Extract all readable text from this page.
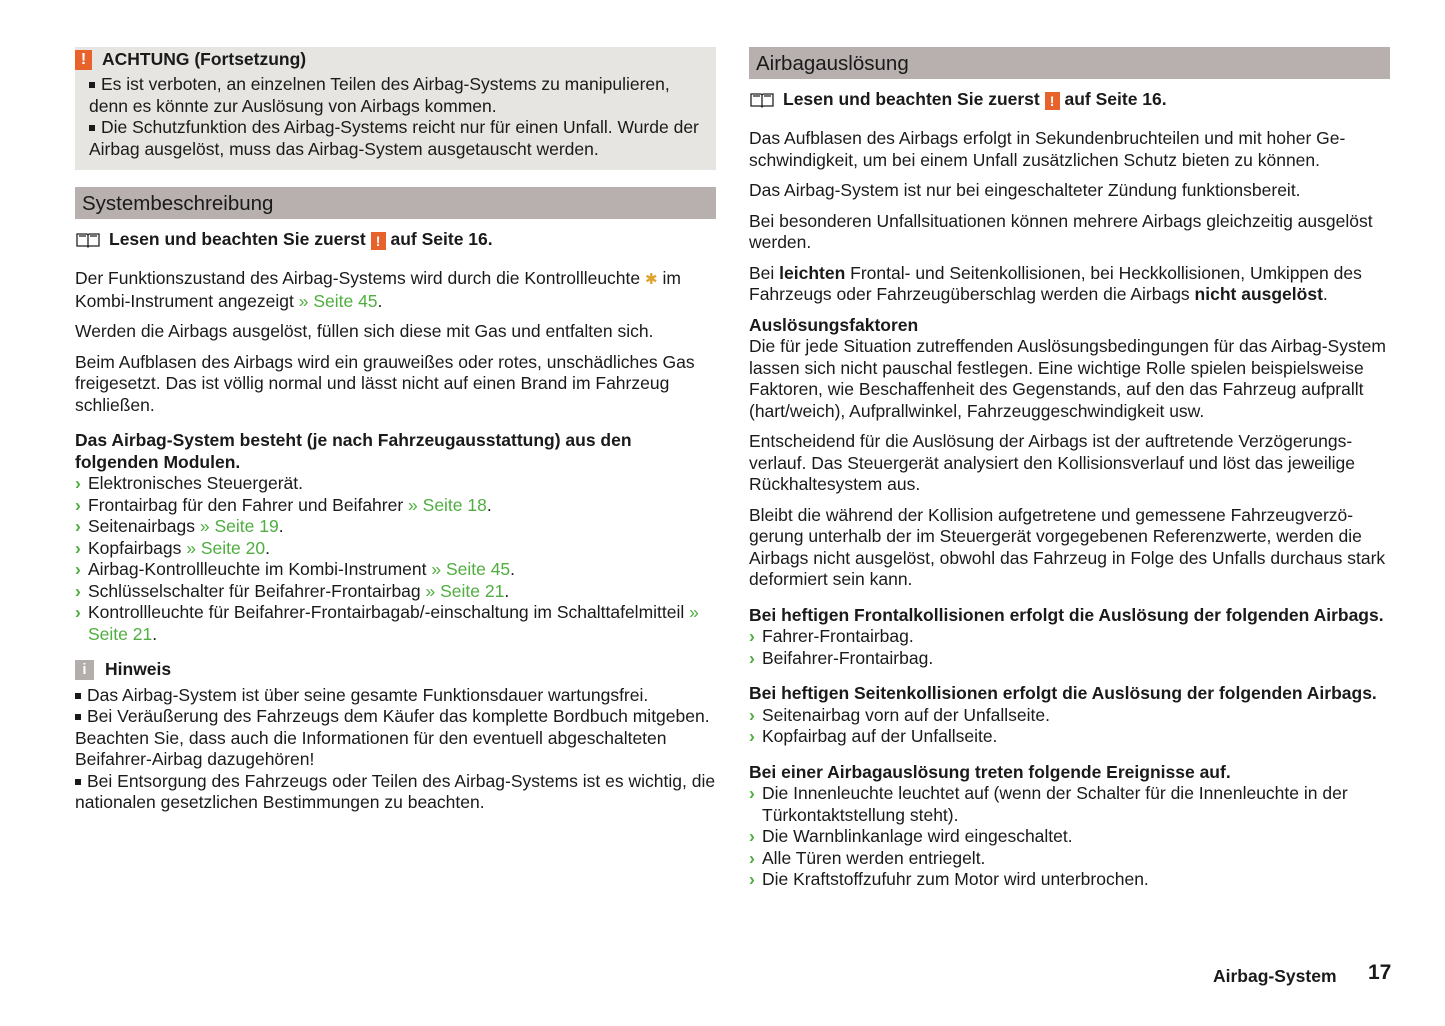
! ACHTUNG (Fortsetzung)
Es ist verboten, an einzelnen Teilen des Airbag-Systems zu manipulieren, denn es könnte zur Auslösung von Airbags kommen.
Die Schutzfunktion des Airbag-Systems reicht nur für einen Unfall. Wurde der Airbag ausgelöst, muss das Airbag-System ausgetauscht werden.
Systembeschreibung
Lesen und beachten Sie zuerst ! auf Seite 16.
Der Funktionszustand des Airbag-Systems wird durch die Kontrollleuchte ✱ im Kombi-Instrument angezeigt » Seite 45.
Werden die Airbags ausgelöst, füllen sich diese mit Gas und entfalten sich.
Beim Aufblasen des Airbags wird ein grauweißes oder rotes, unschädliches Gas freigesetzt. Das ist völlig normal und lässt nicht auf einen Brand im Fahrzeug schließen.
Das Airbag-System besteht (je nach Fahrzeugausstattung) aus den folgenden Modulen.
› Elektronisches Steuergerät.
› Frontairbag für den Fahrer und Beifahrer » Seite 18.
› Seitenairbags » Seite 19.
› Kopfairbags » Seite 20.
› Airbag-Kontrollleuchte im Kombi-Instrument » Seite 45.
› Schlüsselschalter für Beifahrer-Frontairbag » Seite 21.
› Kontrollleuchte für Beifahrer-Frontairbagab/-einschaltung im Schalttafelmitteil » Seite 21.
i	Hinweis
Das Airbag-System ist über seine gesamte Funktionsdauer wartungsfrei.
Bei Veräußerung des Fahrzeugs dem Käufer das komplette Bordbuch mitgeben. Beachten Sie, dass auch die Informationen für den eventuell abgeschalteten Beifahrer-Airbag dazugehören!
Bei Entsorgung des Fahrzeugs oder Teilen des Airbag-Systems ist es wichtig, die nationalen gesetzlichen Bestimmungen zu beachten.
Airbagauslösung
Lesen und beachten Sie zuerst ! auf Seite 16.
Das Aufblasen des Airbags erfolgt in Sekundenbruchteilen und mit hoher Geschwindigkeit, um bei einem Unfall zusätzlichen Schutz bieten zu können.
Das Airbag-System ist nur bei eingeschalteter Zündung funktionsbereit.
Bei besonderen Unfallsituationen können mehrere Airbags gleichzeitig ausgelöst werden.
Bei leichten Frontal- und Seitenkollisionen, bei Heckkollisionen, Umkippen des Fahrzeugs oder Fahrzeugüberschlag werden die Airbags nicht ausgelöst.
Auslösungsfaktoren
Die für jede Situation zutreffenden Auslösungsbedingungen für das Airbag-System lassen sich nicht pauschal festlegen. Eine wichtige Rolle spielen beispielsweise Faktoren, wie Beschaffenheit des Gegenstands, auf den das Fahrzeug aufprallt (hart/weich), Aufprallwinkel, Fahrzeuggeschwindigkeit usw.
Entscheidend für die Auslösung der Airbags ist der auftretende Verzögerungsverlauf. Das Steuergerät analysiert den Kollisionsverlauf und löst das jeweilige Rückhaltesystem aus.
Bleibt die während der Kollision aufgetretene und gemessene Fahrzeugverzögerung unterhalb der im Steuergerät vorgegebenen Referenzwerte, werden die Airbags nicht ausgelöst, obwohl das Fahrzeug in Folge des Unfalls durchaus stark deformiert sein kann.
Bei heftigen Frontalkollisionen erfolgt die Auslösung der folgenden Airbags.
› Fahrer-Frontairbag.
› Beifahrer-Frontairbag.
Bei heftigen Seitenkollisionen erfolgt die Auslösung der folgenden Airbags.
› Seitenairbag vorn auf der Unfallseite.
› Kopfairbag auf der Unfallseite.
Bei einer Airbagauslösung treten folgende Ereignisse auf.
› Die Innenleuchte leuchtet auf (wenn der Schalter für die Innenleuchte in der Türkontaktstellung steht).
› Die Warnblinkanlage wird eingeschaltet.
› Alle Türen werden entriegelt.
› Die Kraftstoffzufuhr zum Motor wird unterbrochen.
Airbag-System 17
